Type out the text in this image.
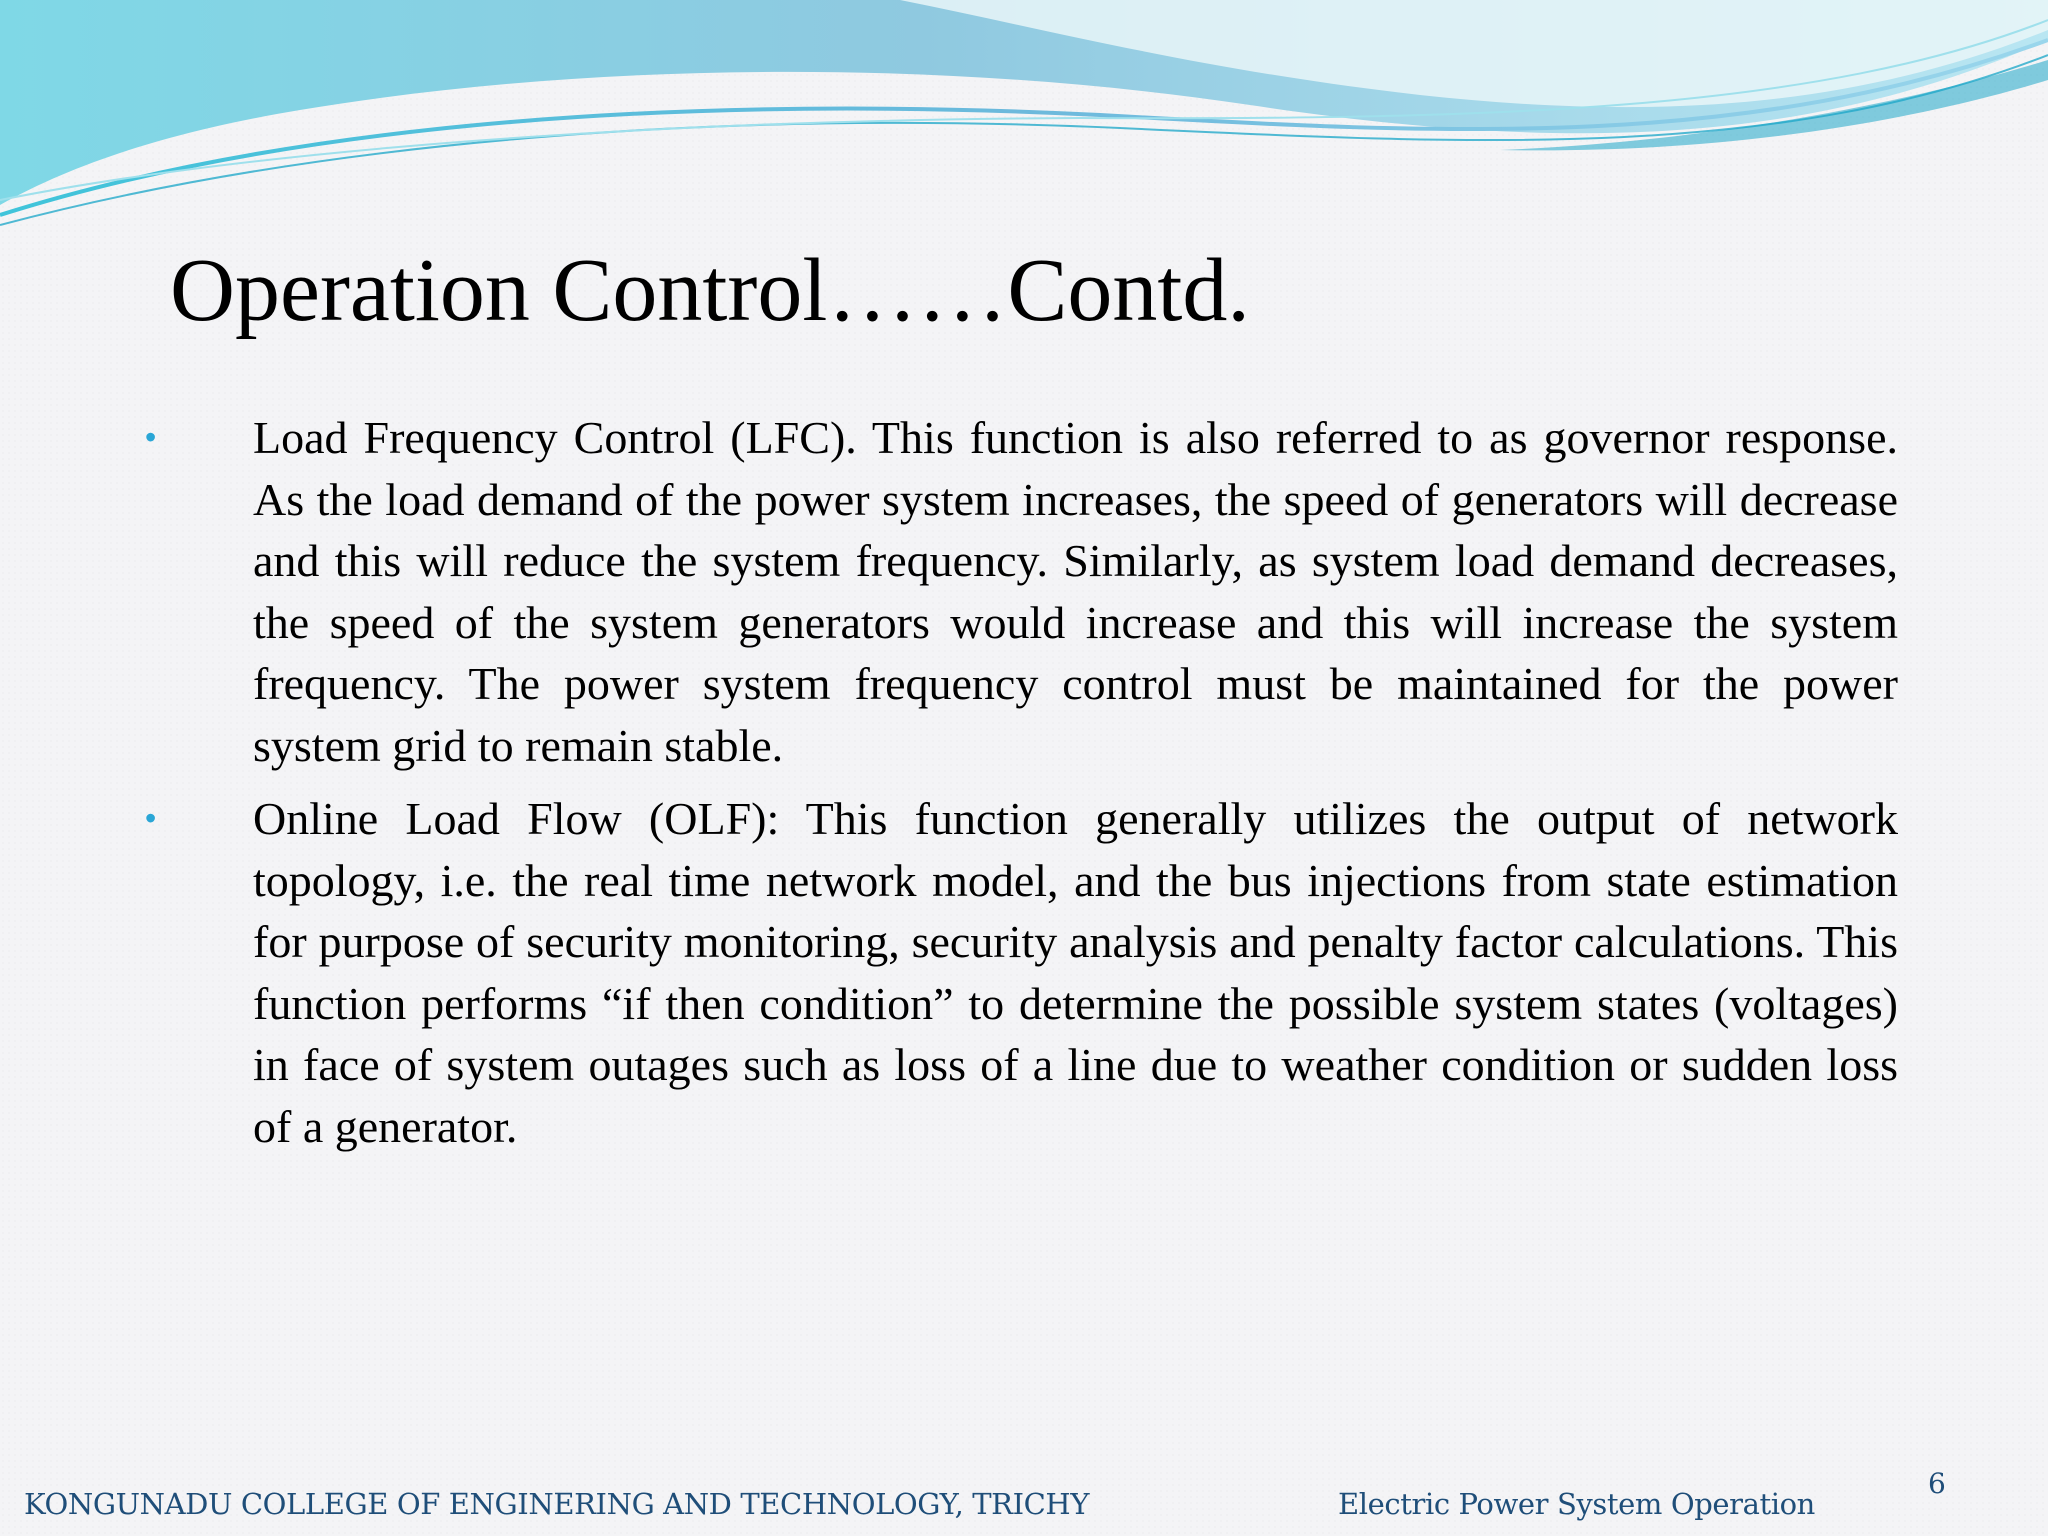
Operation Control……Contd.
• Load Frequency Control (LFC). This function is also referred to as governor response. As the load demand of the power system increases, the speed of generators will decrease and this will reduce the system frequency. Similarly, as system load demand decreases, the speed of the system generators would increase and this will increase the system frequency. The power system frequency control must be maintained for the power system grid to remain stable.
• Online Load Flow (OLF): This function generally utilizes the output of network topology, i.e. the real time network model, and the bus injections from state estimation for purpose of security monitoring, security analysis and penalty factor calculations. This function performs “if then condition” to determine the possible system states (voltages) in face of system outages such as loss of a line due to weather condition or sudden loss of a generator.
KONGUNADU COLLEGE OF ENGINERING AND TECHNOLOGY, TRICHY	Electric Power System Operation
6
